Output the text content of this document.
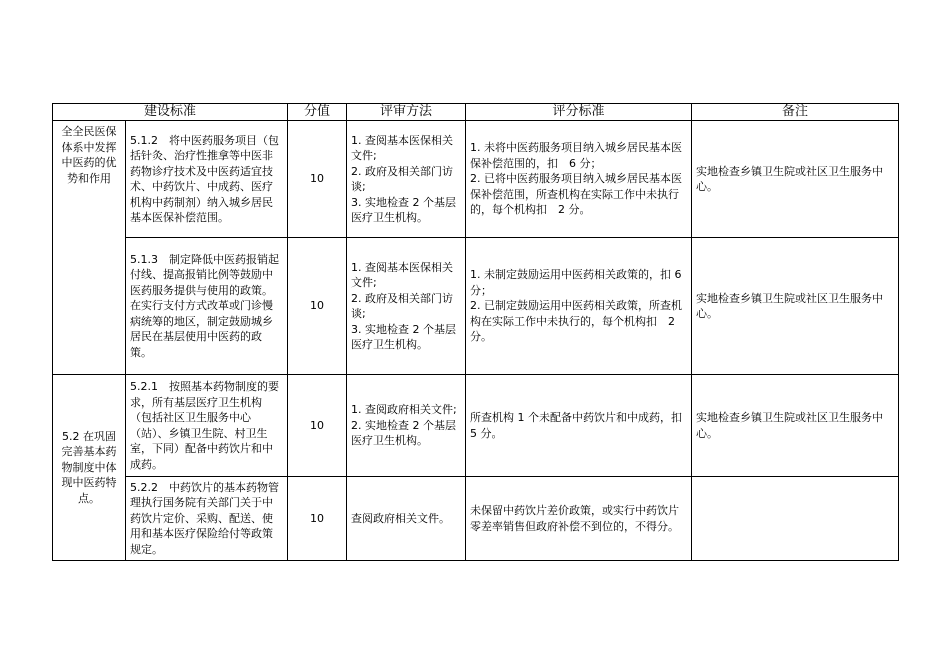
建设标准		分值	评审方法	评分标准	备注
全全民医保体系中发挥中医药的优势和作用	5.1.2　将中医药服务项目（包括针灸、治疗性推拿等中医非药物诊疗技术及中医药适宜技术、中药饮片、中成药、医疗机构中药制剂）纳入城乡居民基本医保补偿范围。	10	1. 查阅基本医保相关文件;
2. 政府及相关部门访谈;
3. 实地检查 2 个基层医疗卫生机构。	1. 未将中医药服务项目纳入城乡居民基本医保补偿范围的，扣　6 分；
2. 已将中医药服务项目纳入城乡居民基本医保补偿范围，所查机构在实际工作中未执行的，每个机构扣　2 分。	实地检查乡镇卫生院或社区卫生服务中心。
	5.1.3　制定降低中医药报销起付线、提高报销比例等鼓励中医药服务提供与使用的政策。在实行支付方式改革或门诊慢病统筹的地区，制定鼓励城乡居民在基层使用中医药的政策。	10	1. 查阅基本医保相关文件;
2. 政府及相关部门访谈;
3. 实地检查 2 个基层医疗卫生机构。	1. 未制定鼓励运用中医药相关政策的，扣 6 分；
2. 已制定鼓励运用中医药相关政策，所查机构在实际工作中未执行的，每个机构扣　2 分。	实地检查乡镇卫生院或社区卫生服务中心。
5.2 在巩固完善基本药物制度中体现中医药特点。	5.2.1　按照基本药物制度的要求，所有基层医疗卫生机构（包括社区卫生服务中心（站）、乡镇卫生院、村卫生室，下同）配备中药饮片和中成药。	10	1. 查阅政府相关文件;
2. 实地检查 2 个基层医疗卫生机构。	所查机构 1 个未配备中药饮片和中成药，扣 5 分。	实地检查乡镇卫生院或社区卫生服务中心。
	5.2.2　中药饮片的基本药物管理执行国务院有关部门关于中药饮片定价、采购、配送、使用和基本医疗保险给付等政策规定。	10	查阅政府相关文件。	未保留中药饮片差价政策，或实行中药饮片零差率销售但政府补偿不到位的，不得分。	
